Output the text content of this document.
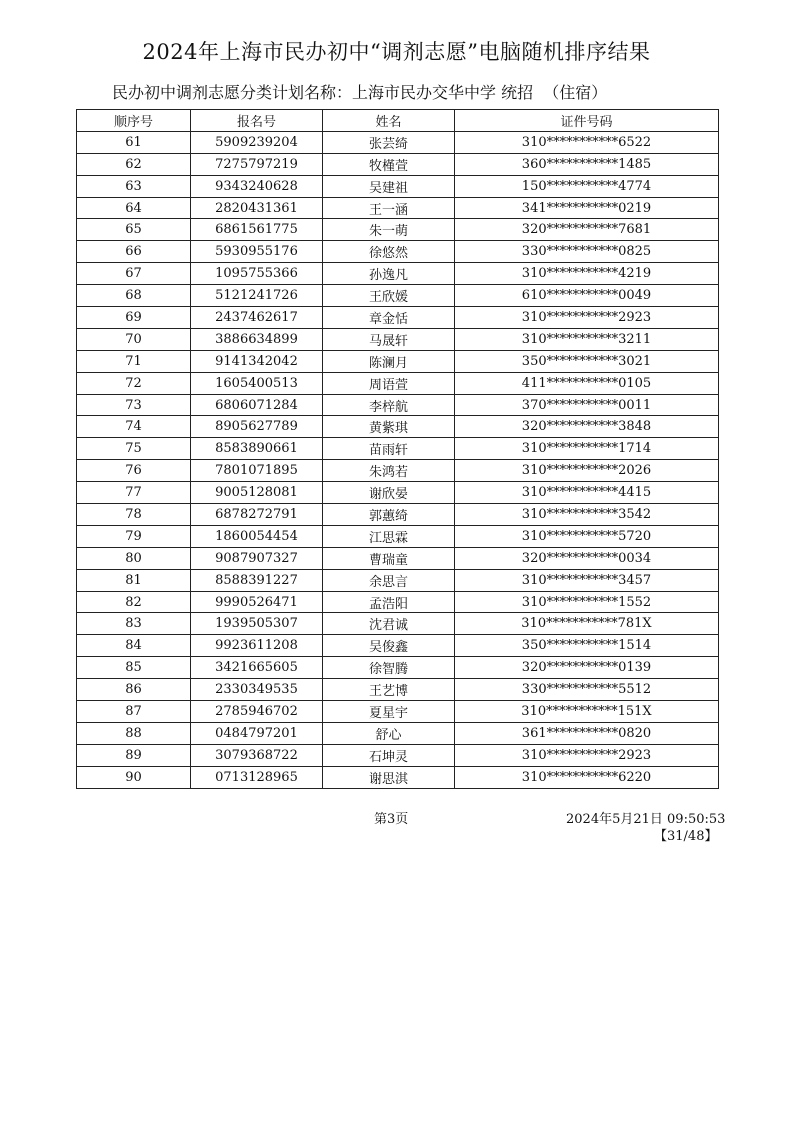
2024年上海市民办初中“调剂志愿”电脑随机排序结果
民办初中调剂志愿分类计划名称：上海市民办交华中学 统招  （住宿）
顺序号	报名号	姓名	证件号码
61	5909239204	张芸绮	310***********6522
62	7275797219	牧槿萱	360***********1485
63	9343240628	吴建祖	150***********4774
64	2820431361	王一涵	341***********0219
65	6861561775	朱一萌	320***********7681
66	5930955176	徐悠然	330***********0825
67	1095755366	孙逸凡	310***********4219
68	5121241726	王欣媛	610***********0049
69	2437462617	章金恬	310***********2923
70	3886634899	马晟轩	310***********3211
71	9141342042	陈澜月	350***********3021
72	1605400513	周语萱	411***********0105
73	6806071284	李梓航	370***********0011
74	8905627789	黄紫琪	320***********3848
75	8583890661	苗雨轩	310***********1714
76	7801071895	朱鸿若	310***********2026
77	9005128081	谢欣晏	310***********4415
78	6878272791	郭蕙绮	310***********3542
79	1860054454	江思霖	310***********5720
80	9087907327	曹瑞童	320***********0034
81	8588391227	余思言	310***********3457
82	9990526471	孟浩阳	310***********1552
83	1939505307	沈君诚	310***********781X
84	9923611208	吴俊鑫	350***********1514
85	3421665605	徐智腾	320***********0139
86	2330349535	王艺博	330***********5512
87	2785946702	夏星宇	310***********151X
88	0484797201	舒心	361***********0820
89	3079368722	石坤灵	310***********2923
90	0713128965	谢思淇	310***********6220
第3页	2024年5月21日 09:50:53
【31/48】
